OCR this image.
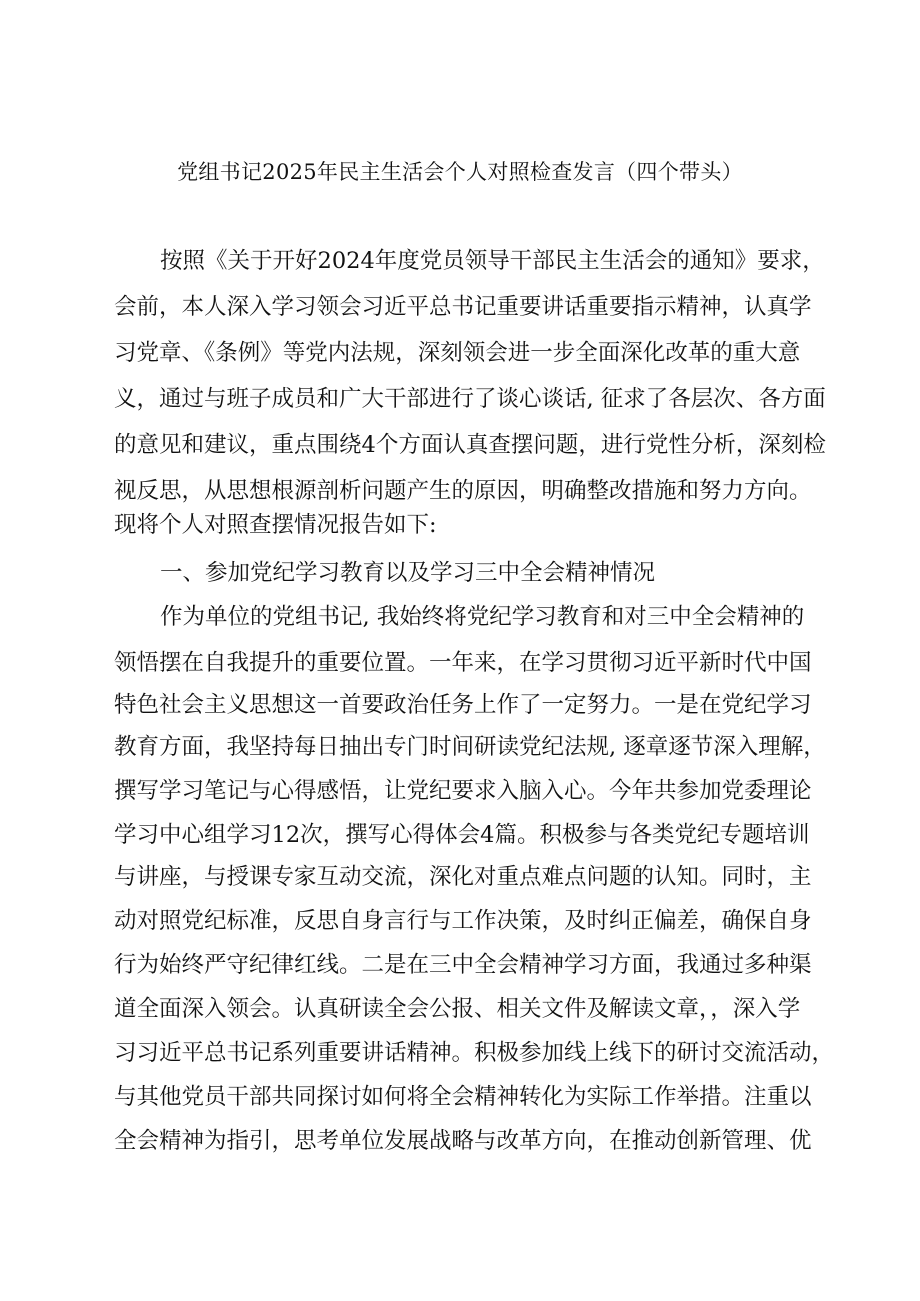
党组书记2025年民主生活会个人对照检查发言（四个带头）
按照《关于开好2024年度党员领导干部民主生活会的通知》要求，
会前，本人深入学习领会习近平总书记重要讲话重要指示精神，认真学
习党章、《条例》等党内法规，深刻领会进一步全面深化改革的重大意
义，通过与班子成员和广大干部进行了谈心谈话, 征求了各层次、各方面
的意见和建议，重点围绕4个方面认真查摆问题，进行党性分析，深刻检
视反思，从思想根源剖析问题产生的原因，明确整改措施和努力方向。
现将个人对照查摆情况报告如下:
一、参加党纪学习教育以及学习三中全会精神情况
作为单位的党组书记, 我始终将党纪学习教育和对三中全会精神的
领悟摆在自我提升的重要位置。一年来，在学习贯彻习近平新时代中国
特色社会主义思想这一首要政治任务上作了一定努力。一是在党纪学习
教育方面，我坚持每日抽出专门时间研读党纪法规, 逐章逐节深入理解，
撰写学习笔记与心得感悟，让党纪要求入脑入心。今年共参加党委理论
学习中心组学习12次，撰写心得体会4篇。积极参与各类党纪专题培训
与讲座，与授课专家互动交流，深化对重点难点问题的认知。同时，主
动对照党纪标准，反思自身言行与工作决策，及时纠正偏差，确保自身
行为始终严守纪律红线。二是在三中全会精神学习方面，我通过多种渠
道全面深入领会。认真研读全会公报、相关文件及解读文章，，深入学
习习近平总书记系列重要讲话精神。积极参加线上线下的研讨交流活动，
与其他党员干部共同探讨如何将全会精神转化为实际工作举措。注重以
全会精神为指引，思考单位发展战略与改革方向，在推动创新管理、优
